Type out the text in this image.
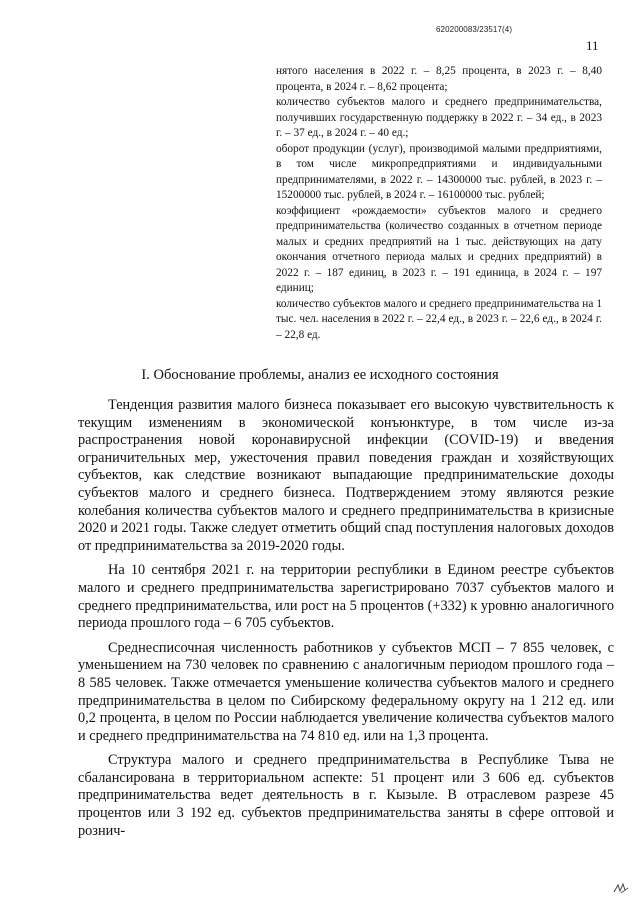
620200083/23517(4)
11
нятого населения в 2022 г. – 8,25 процента, в 2023 г. – 8,40 процента, в 2024 г. – 8,62 процента;
количество субъектов малого и среднего предпринимательства, получивших государственную поддержку в 2022 г. – 34 ед., в 2023 г. – 37 ед., в 2024 г. – 40 ед.;
оборот продукции (услуг), производимой малыми предприятиями, в том числе микропредприятиями и индивидуальными предпринимателями, в 2022 г. – 14300000 тыс. рублей, в 2023 г. – 15200000 тыс. рублей, в 2024 г. – 16100000 тыс. рублей;
коэффициент «рождаемости» субъектов малого и среднего предпринимательства (количество созданных в отчетном периоде малых и средних предприятий на 1 тыс. действующих на дату окончания отчетного периода малых и средних предприятий) в 2022 г. – 187 единиц, в 2023 г. – 191 единица, в 2024 г. – 197 единиц;
количество субъектов малого и среднего предпринимательства на 1 тыс. чел. населения в 2022 г. – 22,4 ед., в 2023 г. – 22,6 ед., в 2024 г. – 22,8 ед.
I. Обоснование проблемы, анализ ее исходного состояния

Тенденция развития малого бизнеса показывает его высокую чувствительность к текущим изменениям в экономической конъюнктуре, в том числе из-за распространения новой коронавирусной инфекции (COVID-19) и введения ограничительных мер, ужесточения правил поведения граждан и хозяйствующих субъектов, как следствие возникают выпадающие предпринимательские доходы субъектов малого и среднего бизнеса. Подтверждением этому являются резкие колебания количества субъектов малого и среднего предпринимательства в кризисные 2020 и 2021 годы. Также следует отметить общий спад поступления налоговых доходов от предпринимательства за 2019-2020 годы.

На 10 сентября 2021 г. на территории республики в Едином реестре субъектов малого и среднего предпринимательства зарегистрировано 7037 субъектов малого и среднего предпринимательства, или рост на 5 процентов (+332) к уровню аналогичного периода прошлого года – 6 705 субъектов.

Среднесписочная численность работников у субъектов МСП – 7 855 человек, с уменьшением на 730 человек по сравнению с аналогичным периодом прошлого года – 8 585 человек. Также отмечается уменьшение количества субъектов малого и среднего предпринимательства в целом по Сибирскому федеральному округу на 1 212 ед. или 0,2 процента, в целом по России наблюдается увеличение количества субъектов малого и среднего предпринимательства на 74 810 ед. или на 1,3 процента.

Структура малого и среднего предпринимательства в Республике Тыва не сбалансирована в территориальном аспекте: 51 процент или 3 606 ед. субъектов предпринимательства ведет деятельность в г. Кызыле. В отраслевом разрезе 45 процентов или 3 192 ед. субъектов предпринимательства заняты в сфере оптовой и рознич-
